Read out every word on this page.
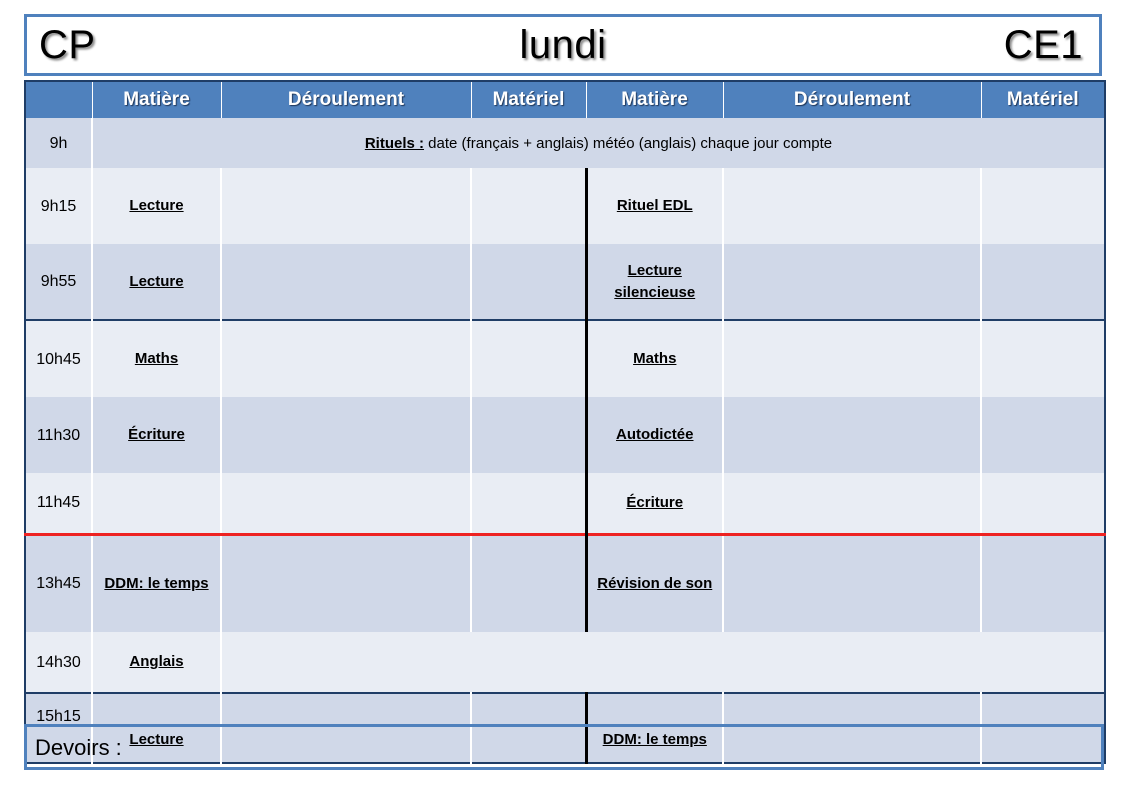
lundi
CP	CE1
	Matière	Déroulement	Matériel	Matière	Déroulement	Matériel
9h	Rituels : date (français + anglais) météo (anglais) chaque jour compte					
9h15	Lecture			Rituel EDL		
9h55	Lecture			Lecture silencieuse		
10h45	Maths			Maths		
11h30	Écriture			Autodictée		
11h45				Écriture		
13h45	DDM: le temps			Révision de son		
14h30	Anglais					
15h15	Lecture			DDM: le temps		
Devoirs :
